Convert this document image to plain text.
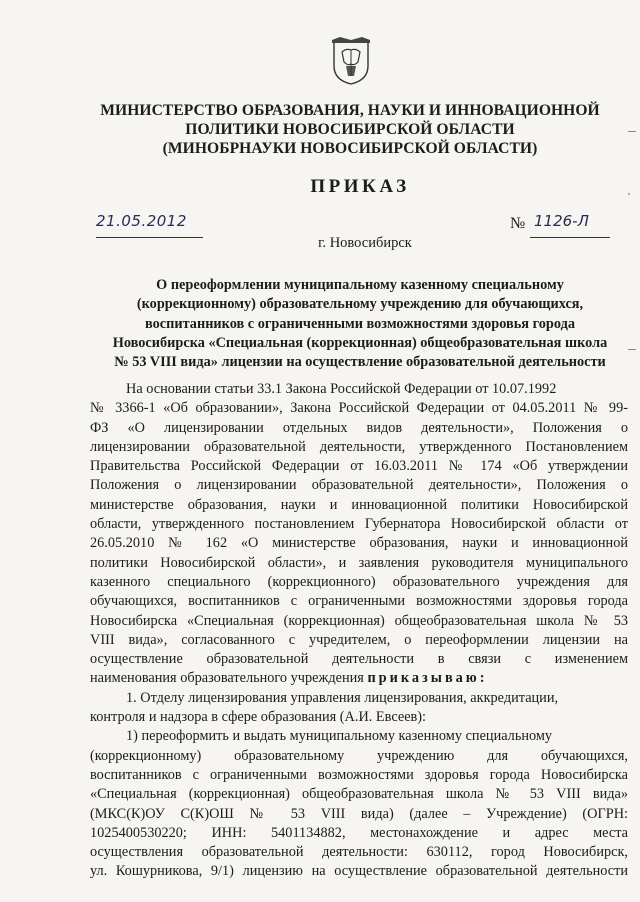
МИНИСТЕРСТВО ОБРАЗОВАНИЯ, НАУКИ И ИННОВАЦИОННОЙ
ПОЛИТИКИ НОВОСИБИРСКОЙ ОБЛАСТИ
(МИНОБРНАУКИ НОВОСИБИРСКОЙ ОБЛАСТИ)
ПРИКАЗ
21.05.2012	№ 1126-Л
г. Новосибирск
О переоформлении муниципальному казенному специальному
(коррекционному) образовательному учреждению для обучающихся,
воспитанников с ограниченными возможностями здоровья города
Новосибирска «Специальная (коррекционная) общеобразовательная школа
№ 53 VIII вида» лицензии на осуществление образовательной деятельности
На основании статьи 33.1 Закона Российской Федерации от 10.07.1992
№ 3366-1 «Об образовании», Закона Российской Федерации от 04.05.2011 № 99-
ФЗ «О лицензировании отдельных видов деятельности», Положения о
лицензировании образовательной деятельности, утвержденного Постановлением
Правительства Российской Федерации от 16.03.2011 № 174 «Об утверждении
Положения о лицензировании образовательной деятельности», Положения о
министерстве образования, науки и инновационной политики Новосибирской
области, утвержденного постановлением Губернатора Новосибирской области от
26.05.2010 № 162 «О министерстве образования, науки и инновационной
политики Новосибирской области», и заявления руководителя муниципального
казенного специального (коррекционного) образовательного учреждения для
обучающихся, воспитанников с ограниченными возможностями здоровья города
Новосибирска «Специальная (коррекционная) общеобразовательная школа № 53
VIII вида», согласованного с учредителем, о переоформлении лицензии на
осуществление образовательной деятельности в связи с изменением
наименования образовательного учреждения приказываю:
1. Отделу лицензирования управления лицензирования, аккредитации,
контроля и надзора в сфере образования (А.И. Евсеев):
1) переоформить и выдать муниципальному казенному специальному
(коррекционному) образовательному учреждению для обучающихся,
воспитанников с ограниченными возможностями здоровья города Новосибирска
«Специальная (коррекционная) общеобразовательная школа № 53 VIII вида»
(МКС(К)ОУ С(К)ОШ № 53 VIII вида) (далее – Учреждение) (ОГРН:
1025400530220; ИНН: 5401134882, местонахождение и адрес места
осуществления образовательной деятельности: 630112, город Новосибирск,
ул. Кошурникова, 9/1) лицензию на осуществление образовательной деятельности
